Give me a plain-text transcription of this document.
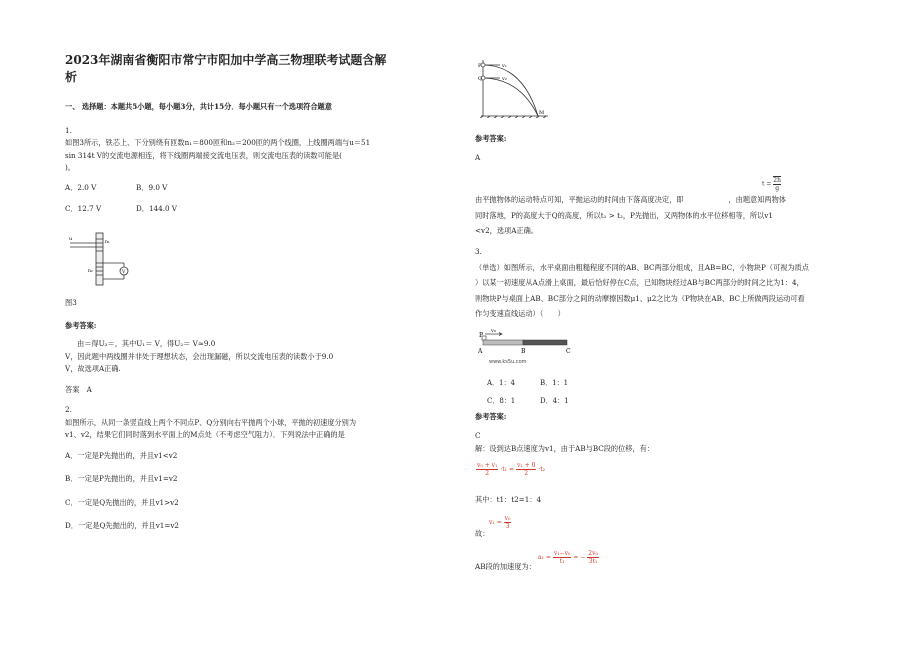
2023年湖南省衡阳市常宁市阳加中学高三物理联考试题含解
析
一、 选择题：本题共5小题，每小题3分，共计15分．每小题只有一个选项符合题意
1.
如图3所示，铁芯上、下分别绕有匝数n₁＝800匝和n₂＝200匝的两个线圈，上线圈两端与u＝51
sin 314t V的交流电源相连，将下线圈两端接交流电压表，则交流电压表的读数可能是(
)。
A．2.0 V	B．9.0 V
C．12.7 V	D．144.0 V
u
n₁
n₂	V
图3
参考答案:
由＝得U₂＝，其中U₁＝ V，得U₂＝ V≈9.0
V，因此题中两线圈并非处于理想状态，会出现漏磁，所以交流电压表的读数小于9.0
V，故选项A正确.
答案　A
2.
如图所示，从同一条竖直线上两个不同点P、Q分别向右平抛两个小球，平抛的初速度分别为
v1、v2，结果它们同时落到水平面上的M点处（不考虑空气阻力）．下列说法中正确的是
A．一定是P先抛出的，并且v1<v2
B．一定是P先抛出的，并且v1=v2
C．一定是Q先抛出的，并且v1>v2
D．一定是Q先抛出的，并且v1=v2
P
Q
v₁
v₂
M
参考答案:
A
$t = \frac{2h}{g}$
由平抛物体的运动特点可知，平抛运动的时间由下落高度决定，即	，由题意知两物体
同时落地，P的高度大于Q的高度，所以t₁ > t₂，P先抛出，又两物体的水平位移相等，所以v1
<v2，选项A正确。
3.
（单选）如图所示，水平桌面由粗糙程度不同的AB、BC两部分组成，且AB=BC，小物块P（可视为质点
）以某一初速度从A点滑上桌面，最后恰好停在C点，已知物块经过AB与BC两部分的时间之比为1：4，
则物块P与桌面上AB、BC部分之间的动摩擦因数μ1、μ2之比为（P物块在AB、BC上所做两段运动可看
作匀变速直线运动）（　　）
P
v₀
A	B	C
www.ks5u.com
A．1：4	B．1：1
C．8：1	D．4：1
参考答案:
C
解：设到达B点速度为v1，由于AB与BC段的位移，有：
$\frac{\text{v₀ + v₁}}{2} \cdot t_1 = \frac{\text{v₁ + 0}}{2} \cdot t_2$
其中：t1：t2=1：4
$v_1 = \frac{\text{v₀}}{3}$
故：
$a_1 = \frac{\text{v₁−v₀}}{\text{t₁}}$ = − $\frac{\text{2v₀}}{\text{3t₁}}$
AB段的加速度为：
